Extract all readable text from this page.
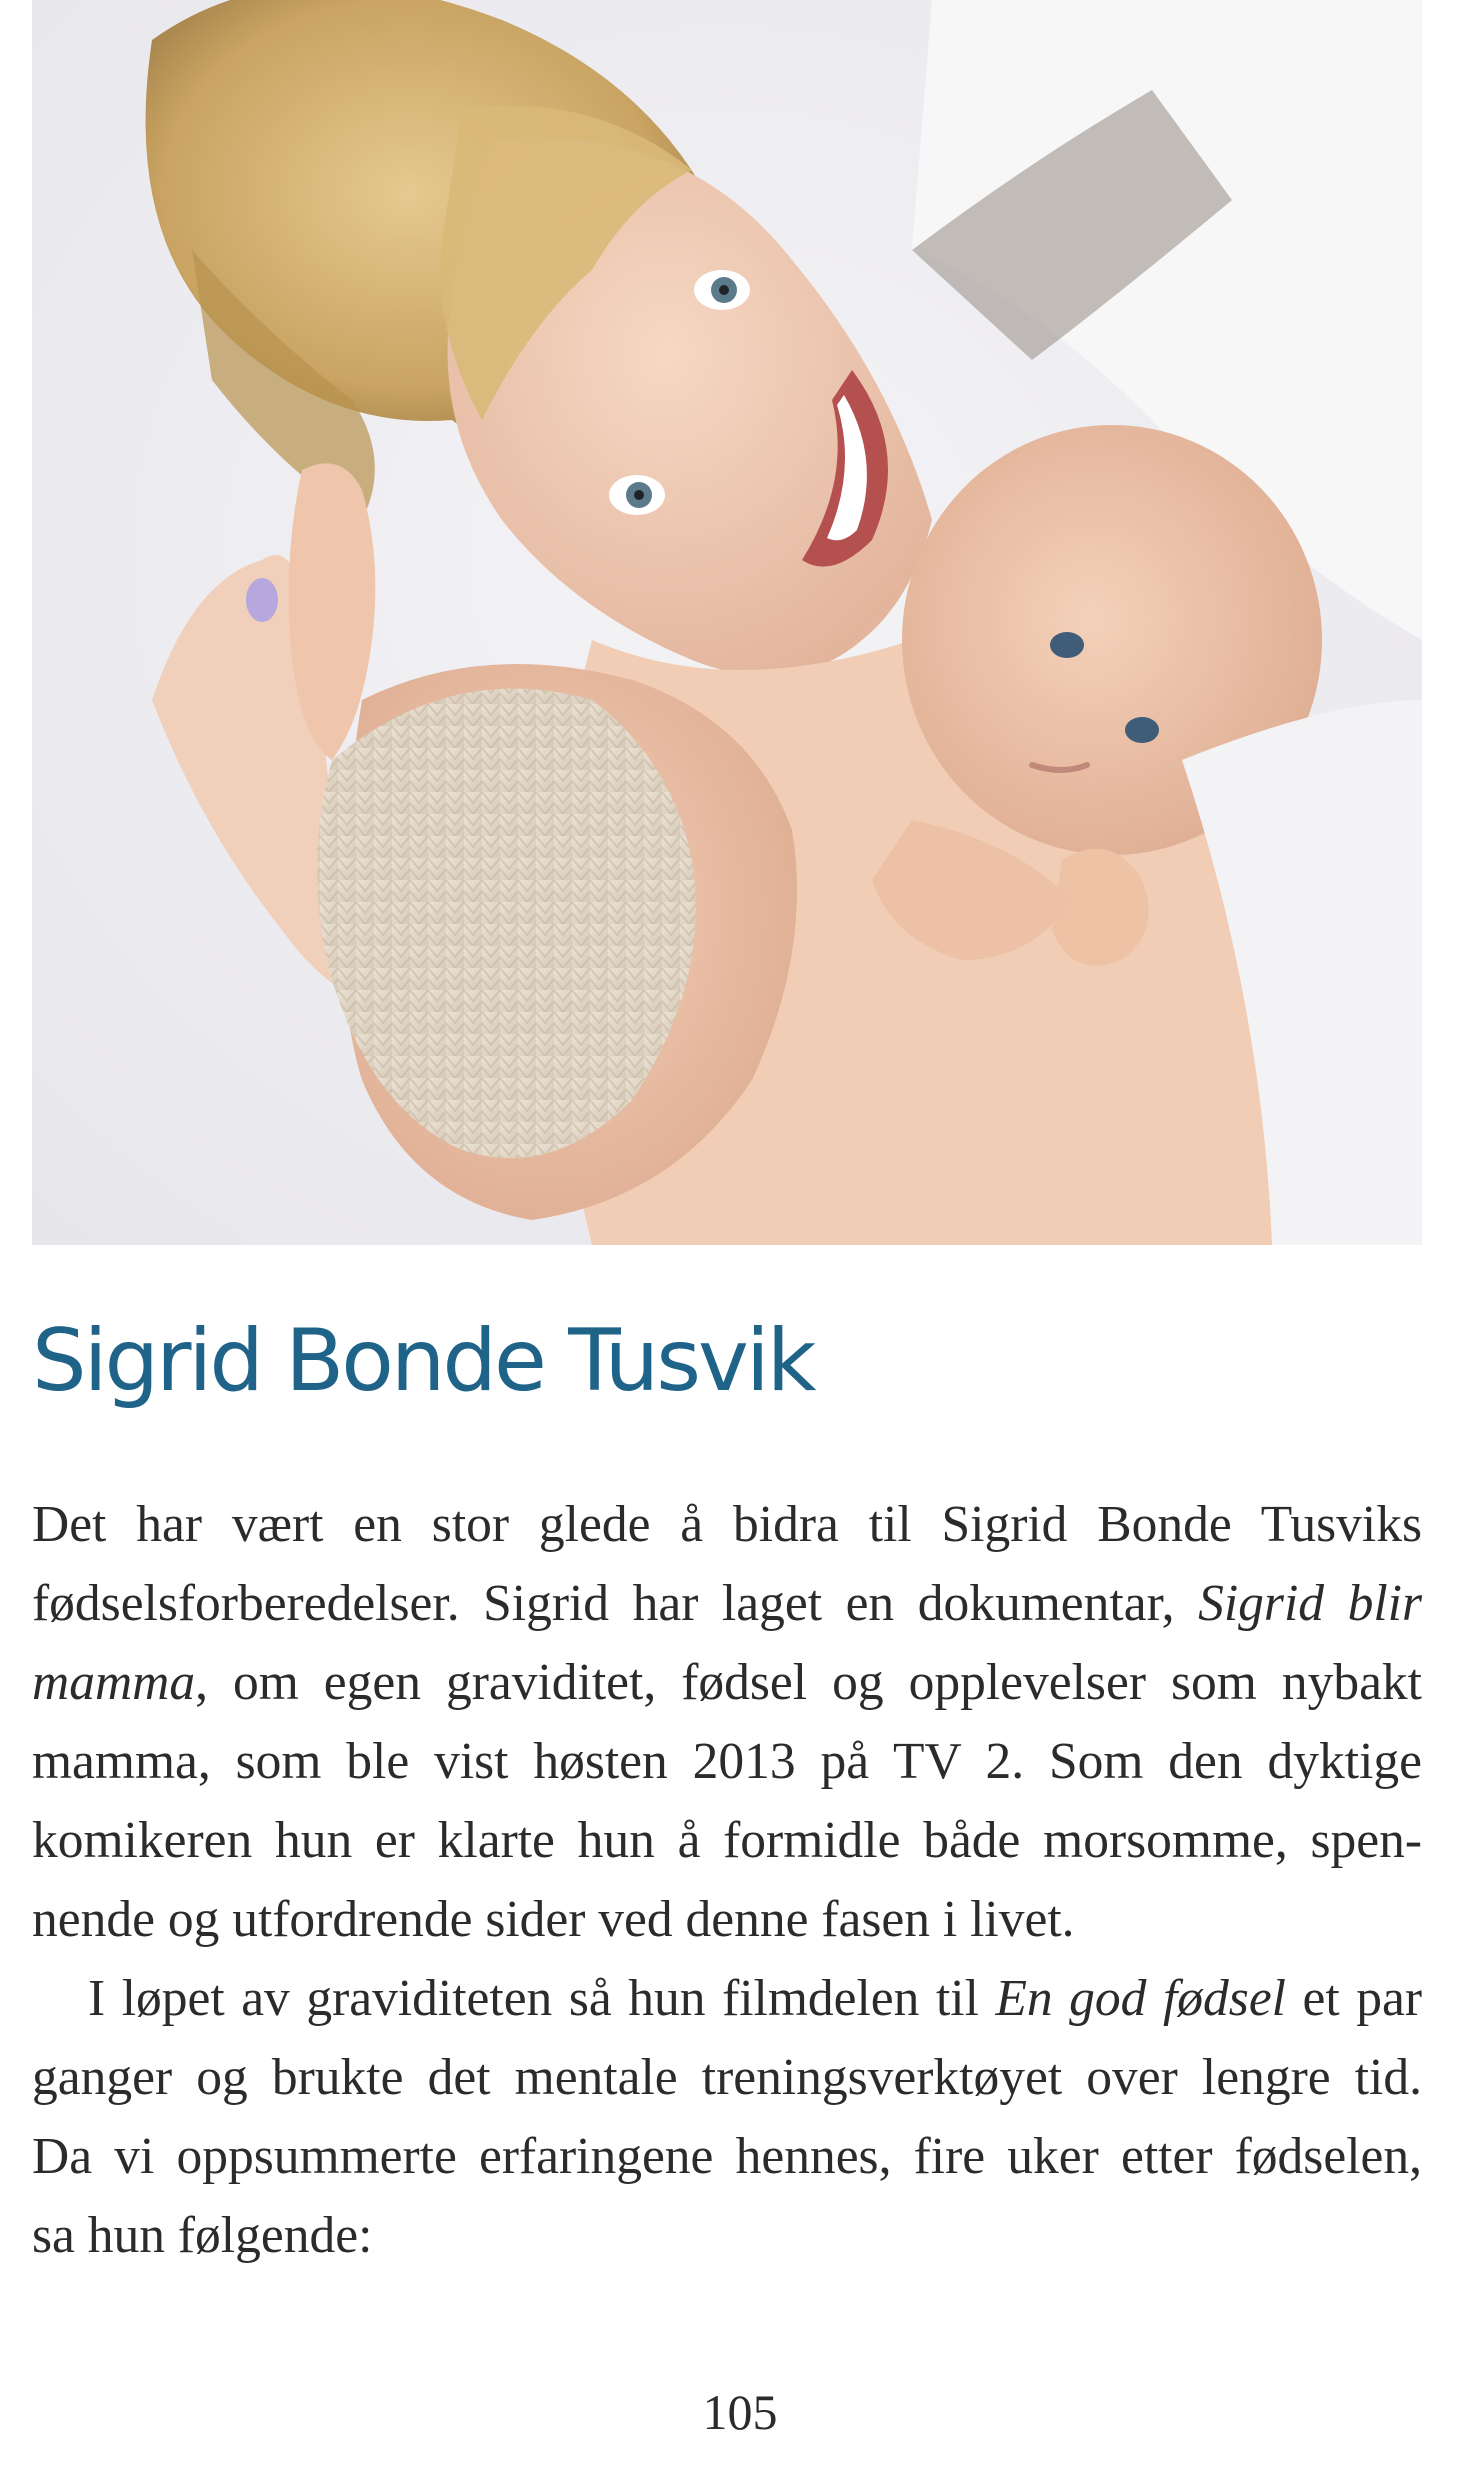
Sigrid Bonde Tusvik
Det har vært en stor glede å bidra til Sigrid Bonde Tusviks
fødselsforberedelser. Sigrid har laget en dokumentar, Sigrid blir
mamma, om egen graviditet, fødsel og opplevelser som nybakt
mamma, som ble vist høsten 2013 på TV 2. Som den dyktige
komikeren hun er klarte hun å formidle både morsomme, spen-
nende og utfordrende sider ved denne fasen i livet.
I løpet av graviditeten så hun filmdelen til En god fødsel et par
ganger og brukte det mentale treningsverktøyet over lengre tid.
Da vi oppsummerte erfaringene hennes, fire uker etter fødselen,
sa hun følgende:
105
